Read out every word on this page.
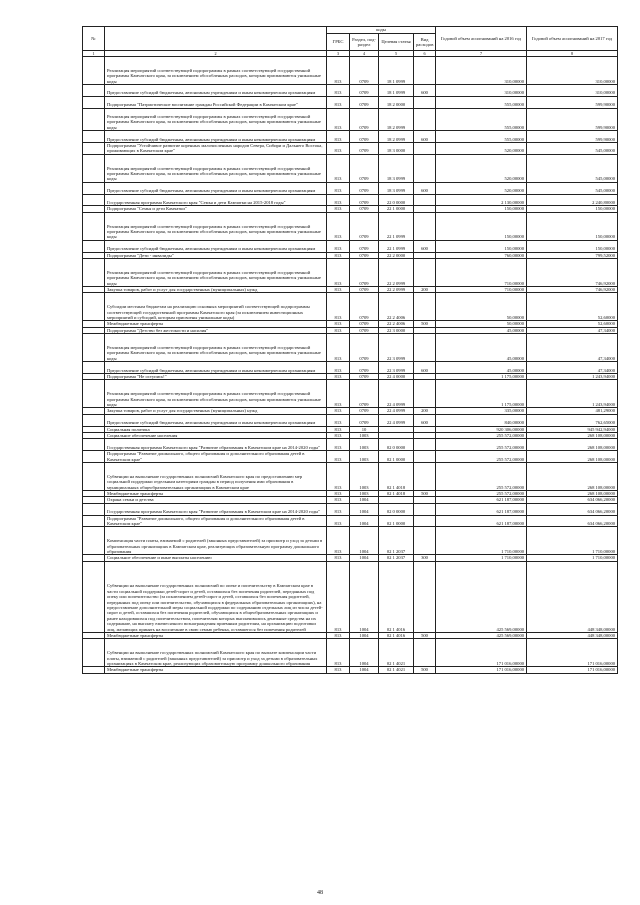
№		коды				Годовой объем ассигнований на 2016 год	Годовой объем ассигнований на 2017 год
		ГРБС	Раздел, под- раздел	Целевая статья	Вид расходов		
1	2	3	4	5	6	7	8
	Реализация мероприятий соответствующей подпрограммы в рамках соответствующей государственной программы Камчатского края, за исключением обособленных расходов, которым присваиваются уникальные коды	813	0709	18 1 0999		310,00000	310,00000
	Предоставление субсидий бюджетным, автономным учреждениям и иным некоммерческим организациям	813	0709	18 1 0999	600	310,00000	310,00000
	Подпрограмма "Патриотическое воспитание граждан Российской Федерации в Камчатском крае"	813	0709	18 2 0000		555,00000	599,90000
	Реализация мероприятий соответствующей подпрограммы в рамках соответствующей государственной программы Камчатского края, за исключением обособленных расходов, которым присваиваются уникальные коды	813	0709	18 2 0999		555,00000	599,90000
	Предоставление субсидий бюджетным, автономным учреждениям и иным некоммерческим организациям	813	0709	18 2 0999	600	555,00000	599,90000
	Подпрограмма "Устойчивое развитие коренных малочисленных народов Севера, Сибири и Дальнего Востока, проживающих в Камчатском крае"	813	0709	18 3 0000		520,00000	545,00000
	Реализация мероприятий соответствующей подпрограммы в рамках соответствующей государственной программы Камчатского края, за исключением обособленных расходов, которым присваиваются уникальные коды	813	0709	18 3 0999		520,00000	545,00000
	Предоставление субсидий бюджетным, автономным учреждениям и иным некоммерческим организациям	813	0709	18 3 0999	600	520,00000	545,00000
	Государственная программа Камчатского края "Семья и дети Камчатки на 2015-2018 годы"	813	0709	22 0 0000		2 130,00000	2 240,80000
	Подпрограмма "Семья и дети Камчатки"	813	0709	22 1 0000		150,00000	150,00000
	Реализация мероприятий соответствующей подпрограммы в рамках соответствующей государственной программы Камчатского края, за исключением обособленных расходов, которым присваиваются уникальные коды	813	0709	22 1 0999		150,00000	150,00000
	Предоставление субсидий бюджетным, автономным учреждениям и иным некоммерческим организациям	813	0709	22 1 0999	600	150,00000	150,00000
	Подпрограмма "Дети - инвалиды"	813	0709	22 2 0000		760,00000	799,52000
	Реализация мероприятий соответствующей подпрограммы в рамках соответствующей государственной программы Камчатского края, за исключением обособленных расходов, которым присваиваются уникальные коды	813	0709	22 2 0999		710,00000	746,92000
	Закупка товаров, работ и услуг для государственных (муниципальных) нужд	813	0709	22 2 0999	200	710,00000	746,92000
	Субсидии местным бюджетам на реализацию основных мероприятий соответствующей подпрограммы соответствующей государственной программы Камчатского края (за исключением инвестиционных мероприятий и субсидий, которым присвоены уникальные коды)	813	0709	22 2 4006		50,00000	52,60000
	Межбюджетные трансферты	813	0709	22 2 4006	500	50,00000	52,60000
	Подпрограмма "Детство без жестокости и насилия"	813	0709	22 3 0000		45,00000	47,34000
	Реализация мероприятий соответствующей подпрограммы в рамках соответствующей государственной программы Камчатского края, за исключением обособленных расходов, которым присваиваются уникальные коды	813	0709	22 3 0999		45,00000	47,34000
	Предоставление субсидий бюджетным, автономным учреждениям и иным некоммерческим организациям	813	0709	22 3 0999	600	45,00000	47,34000
	Подпрограмма "Не оступись!"	813	0709	22 4 0000		1 175,00000	1 243,94000
	Реализация мероприятий соответствующей подпрограммы в рамках соответствующей государственной программы Камчатского края, за исключением обособленных расходов, которым присваиваются уникальные коды	813	0709	22 4 0999		1 175,00000	1 243,94000
	Закупка товаров, работ и услуг для государственных (муниципальных) нужд	813	0709	22 4 0999	200	335,00000	481,29000
	Предоставление субсидий бюджетным, автономным учреждениям и иным некоммерческим организациям	813	0709	22 4 0999	600	840,00000	762,65000
	Социальная политика	813	10			920 306,00000	945 942,94000
	Социальное обеспечение населения	813	1003			255 572,00000	268 108,00000
	Государственная программа Камчатского края "Развитие образования в Камчатском крае на 2014-2020 годы"	813	1003	02 0 0000		255 572,00000	268 108,00000
	Подпрограмма "Развитие дошкольного, общего образования и дополнительного образования детей в Камчатском крае"	813	1003	02 1 0000		255 572,00000	268 108,00000
	Субвенции на выполнение государственных полномочий Камчатского края по предоставлению мер социальной поддержки отдельным категориям граждан в период получения ими образования в муниципальных общеобразовательных организациях в Камчатском крае	813	1003	02 1 4018		255 572,00000	268 108,00000
	Межбюджетные трансферты	813	1003	02 1 4018	500	255 572,00000	268 108,00000
	Охрана семьи и детства	813	1004			621 187,00000	634 066,20000
	Государственная программа Камчатского края "Развитие образования в Камчатском крае на 2014-2020 годы"	813	1004	02 0 0000		621 187,00000	634 066,20000
	Подпрограмма "Развитие дошкольного, общего образования и дополнительного образования детей в Камчатском крае"	813	1004	02 1 0000		621 187,00000	634 066,20000
	Компенсация части платы, взимаемой с родителей (законных представителей) за присмотр и уход за детьми в образовательных организациях в Камчатском крае, реализующих образовательную программу дошкольного образования	813	1004	02 1 2037		1 710,00000	1 710,00000
	Социальное обеспечение и иные выплаты населению	813	1004	02 1 2037	300	1 710,00000	1 710,00000
	Субвенции на выполнение государственных полномочий по опеке и попечительству в Камчатском крае в части социальной поддержки детей-сирот и детей, оставшихся без попечения родителей, переданных под опеку или попечительство (за исключением детей-сирот и детей, оставшихся без попечения родителей, переданных под опеку или попечительство, обучающихся в федеральных образовательных организациях), на предоставление дополнительной меры социальной поддержки по содержанию отдельных лиц из числа детей-сирот и детей, оставшихся без попечения родителей, обучающихся в общеобразовательных организациях и ранее находившихся под попечительством, попечителям которых выплачивались денежные средства на их содержание, на выплату ежемесячного вознаграждения приемным родителям, на организацию подготовки лиц, желающих принять на воспитание в свою семью ребенка, оставшегося без попечения родителей	813	1004	02 1 4016		425 569,00000	448 348,00000
	Межбюджетные трансферты	813	1004	02 1 4016	500	425 569,00000	448 348,00000
	Субвенции на выполнение государственных полномочий Камчатского края по выплате компенсации части платы, взимаемой с родителей (законных представителей) за присмотр и уход за детьми в образовательных организациях в Камчатском крае, реализующих образовательную программу дошкольного образования	813	1004	02 1 4021		171 016,00000	171 016,00000
	Межбюджетные трансферты	813	1004	02 1 4021	500	171 016,00000	171 016,00000
48
